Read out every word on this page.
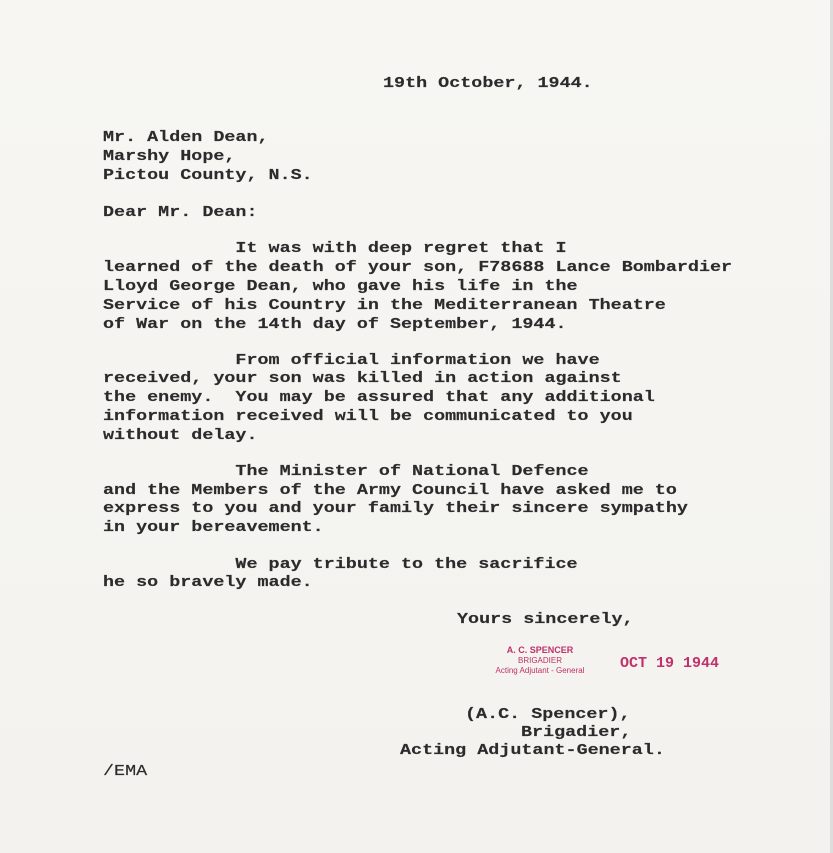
19th October, 1944.
Mr. Alden Dean,
Marshy Hope,
Pictou County, N.S.
Dear Mr. Dean:
It was with deep regret that I
learned of the death of your son, F78688 Lance Bombardier
Lloyd George Dean, who gave his life in the
Service of his Country in the Mediterranean Theatre
of War on the 14th day of September, 1944.
From official information we have
received, your son was killed in action against
the enemy.  You may be assured that any additional
information received will be communicated to you
without delay.
The Minister of National Defence
and the Members of the Army Council have asked me to
express to you and your family their sincere sympathy
in your bereavement.
We pay tribute to the sacrifice
he so bravely made.
Yours sincerely,
A. C. SPENCER
BRIGADIER
Acting Adjutant - General	OCT 19 1944
(A.C. Spencer),
Brigadier,
Acting Adjutant-General.
/EMA
